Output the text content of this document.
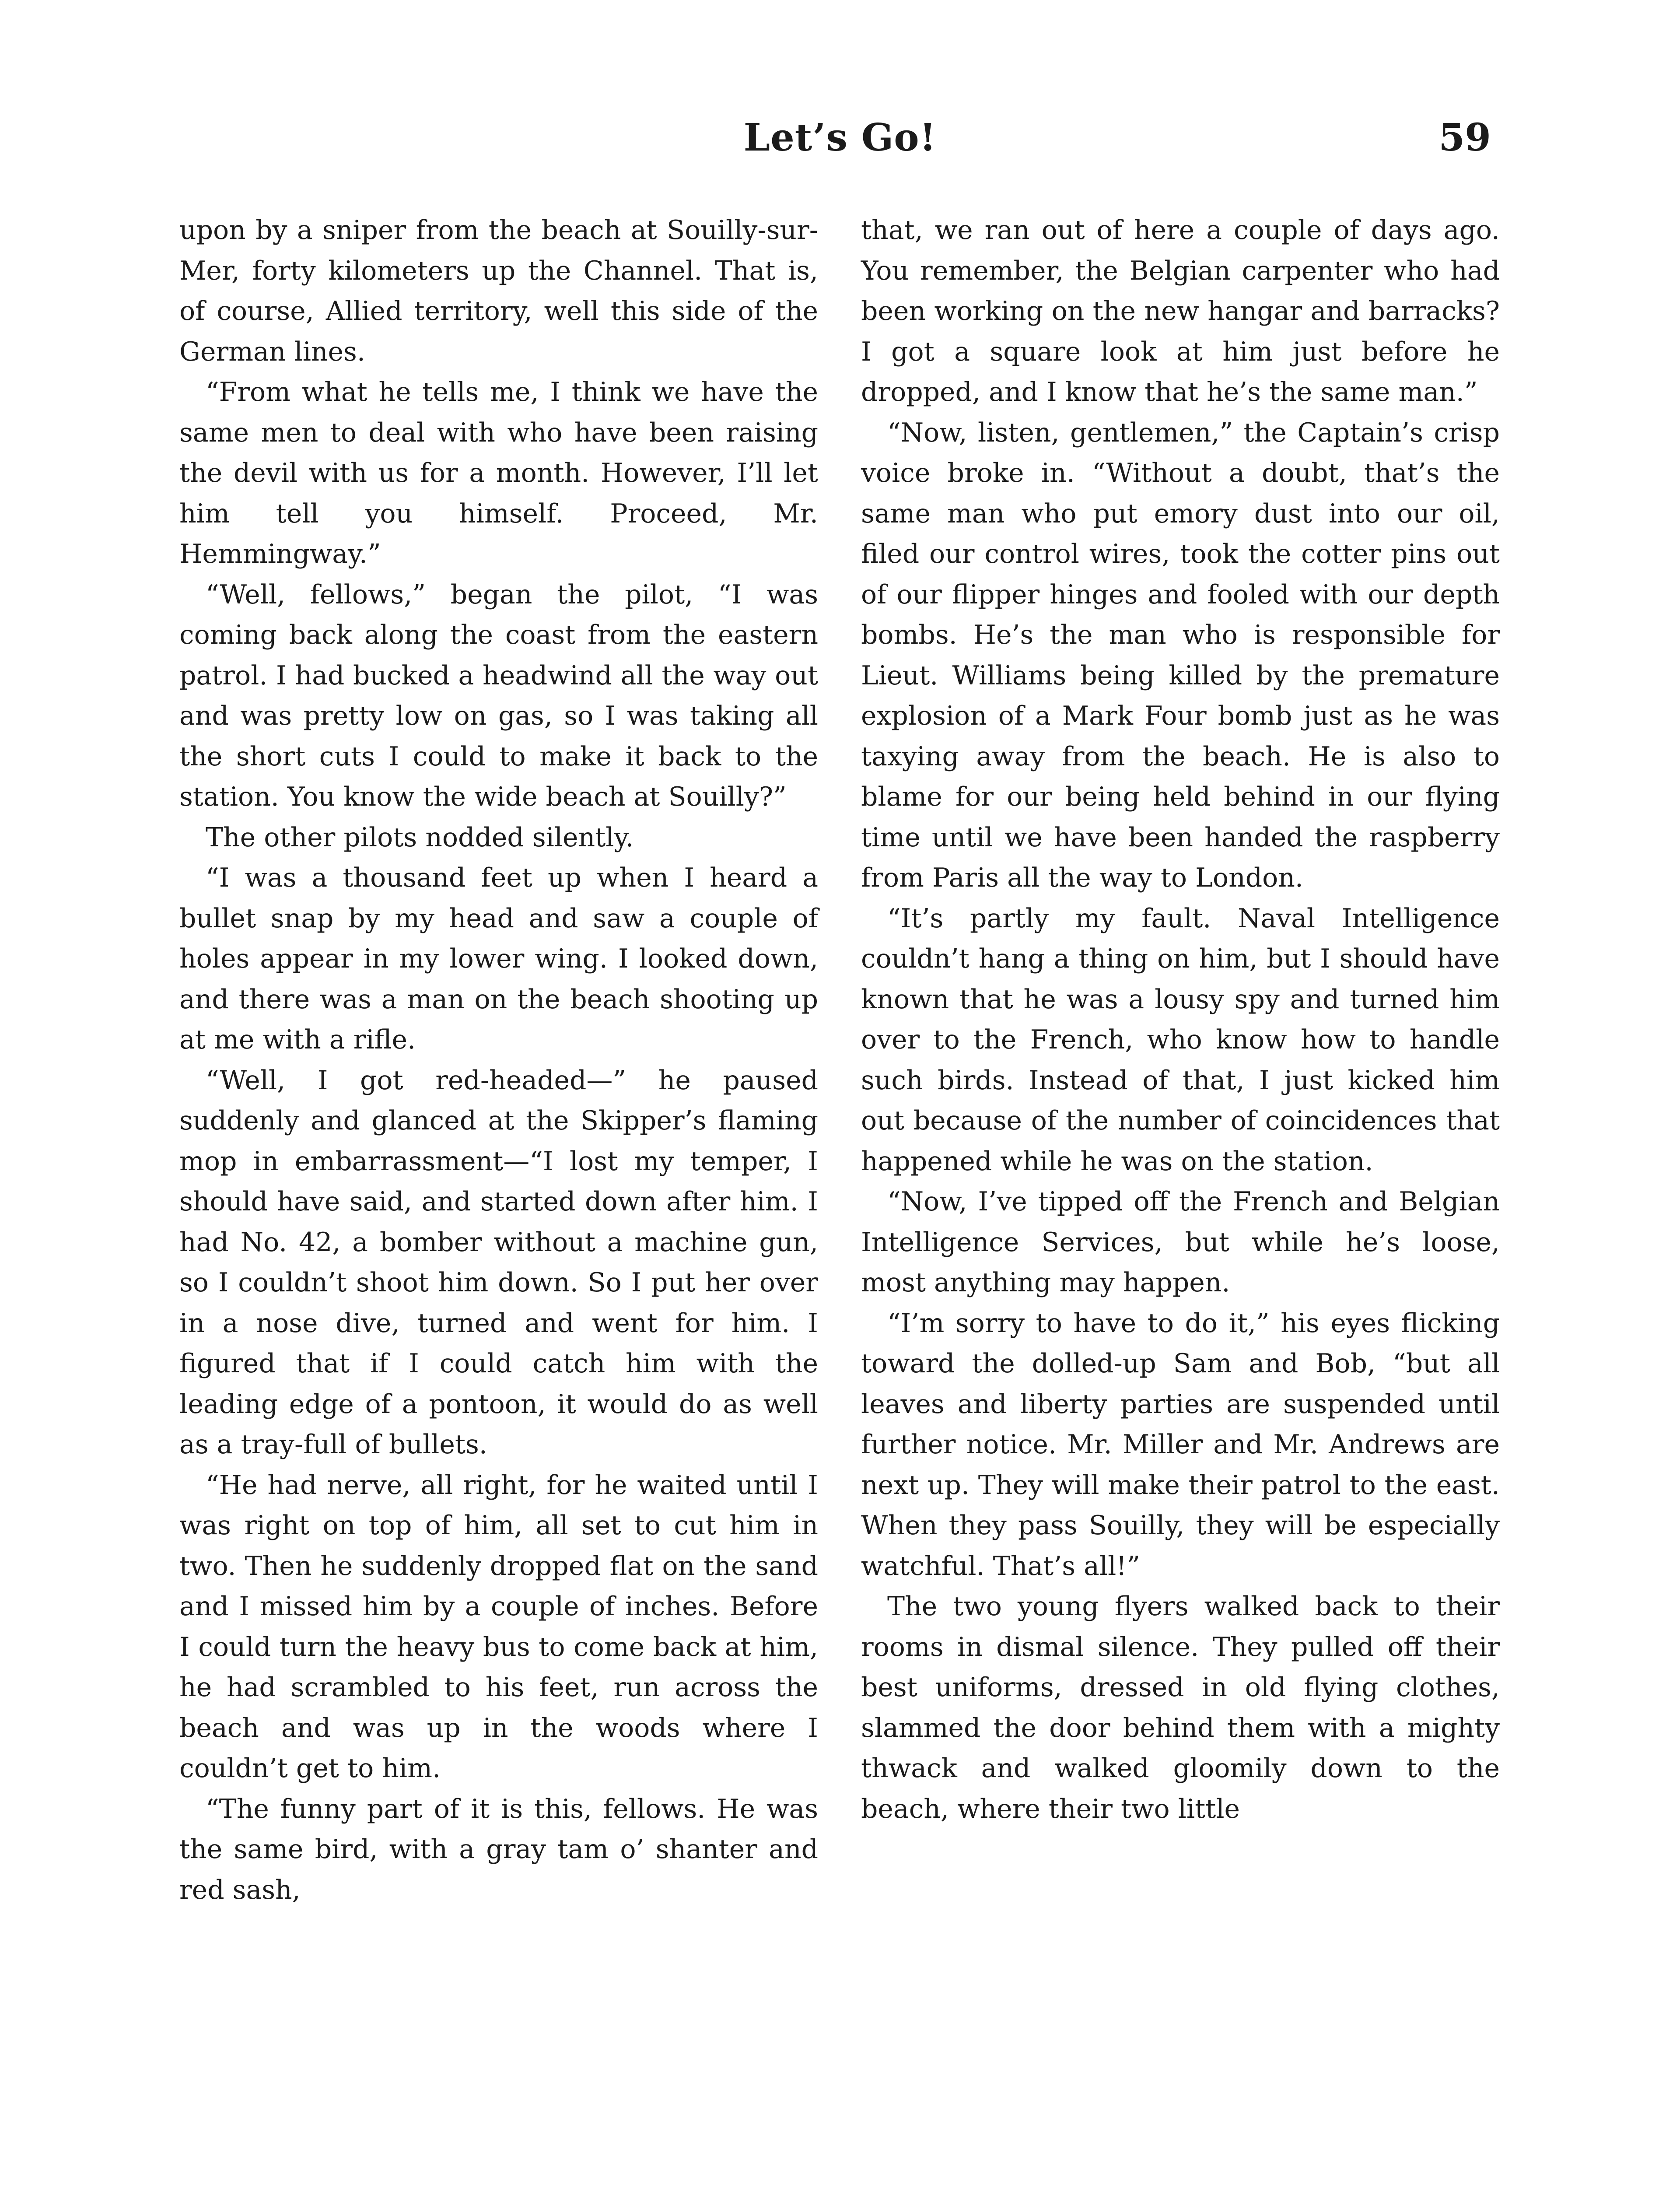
Let’s Go!	59

upon by a sniper from the beach at Souilly-sur-Mer, forty kilometers up the Channel. That is, of course, Allied territory, well this side of the German lines.

“From what he tells me, I think we have the same men to deal with who have been raising the devil with us for a month. However, I’ll let him tell you himself. Proceed, Mr. Hemmingway.”

“Well, fellows,” began the pilot, “I was coming back along the coast from the eastern patrol. I had bucked a headwind all the way out and was pretty low on gas, so I was taking all the short cuts I could to make it back to the station. You know the wide beach at Souilly?”

The other pilots nodded silently.

“I was a thousand feet up when I heard a bullet snap by my head and saw a couple of holes appear in my lower wing. I looked down, and there was a man on the beach shooting up at me with a rifle.

“Well, I got red-headed—” he paused suddenly and glanced at the Skipper’s flaming mop in embarrassment—“I lost my temper, I should have said, and started down after him. I had No. 42, a bomber without a machine gun, so I couldn’t shoot him down. So I put her over in a nose dive, turned and went for him. I figured that if I could catch him with the leading edge of a pontoon, it would do as well as a tray-full of bullets.

“He had nerve, all right, for he waited until I was right on top of him, all set to cut him in two. Then he suddenly dropped flat on the sand and I missed him by a couple of inches. Before I could turn the heavy bus to come back at him, he had scrambled to his feet, run across the beach and was up in the woods where I couldn’t get to him.

“The funny part of it is this, fellows. He was the same bird, with a gray tam o’ shanter and red sash,

that, we ran out of here a couple of days ago. You remember, the Belgian carpenter who had been working on the new hangar and barracks? I got a square look at him just before he dropped, and I know that he’s the same man.”

“Now, listen, gentlemen,” the Captain’s crisp voice broke in. “Without a doubt, that’s the same man who put emory dust into our oil, filed our control wires, took the cotter pins out of our flipper hinges and fooled with our depth bombs. He’s the man who is responsible for Lieut. Williams being killed by the premature explosion of a Mark Four bomb just as he was taxying away from the beach. He is also to blame for our being held behind in our flying time until we have been handed the raspberry from Paris all the way to London.

“It’s partly my fault. Naval Intelligence couldn’t hang a thing on him, but I should have known that he was a lousy spy and turned him over to the French, who know how to handle such birds. Instead of that, I just kicked him out because of the number of coincidences that happened while he was on the station.

“Now, I’ve tipped off the French and Belgian Intelligence Services, but while he’s loose, most anything may happen.

“I’m sorry to have to do it,” his eyes flicking toward the dolled-up Sam and Bob, “but all leaves and liberty parties are suspended until further notice. Mr. Miller and Mr. Andrews are next up. They will make their patrol to the east. When they pass Souilly, they will be especially watchful. That’s all!”

The two young flyers walked back to their rooms in dismal silence. They pulled off their best uniforms, dressed in old flying clothes, slammed the door behind them with a mighty thwack and walked gloomily down to the beach, where their two little
